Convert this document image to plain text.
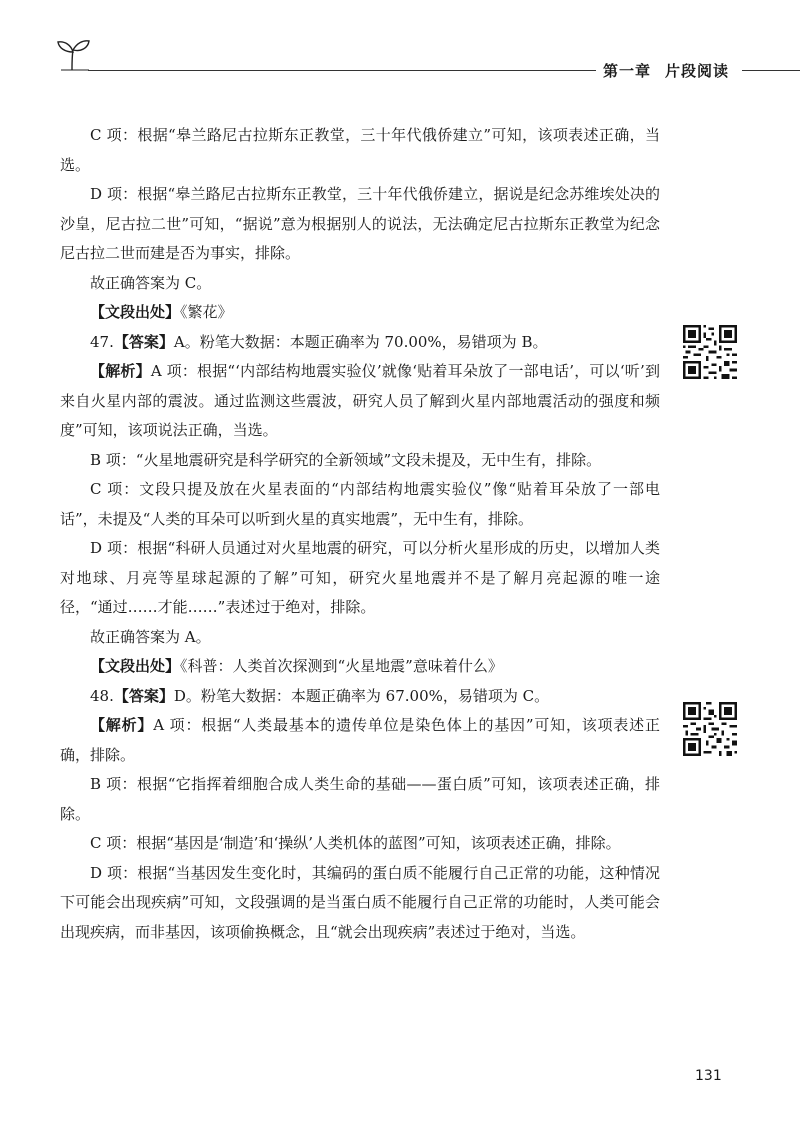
第一章 片段阅读

C 项：根据“皋兰路尼古拉斯东正教堂，三十年代俄侨建立”可知，该项表述正确，当选。

D 项：根据“皋兰路尼古拉斯东正教堂，三十年代俄侨建立，据说是纪念苏维埃处决的沙皇，尼古拉二世”可知，“据说”意为根据别人的说法，无法确定尼古拉斯东正教堂为纪念尼古拉二世而建是否为事实，排除。

故正确答案为 C。

【文段出处】《繁花》

47.【答案】A。粉笔大数据：本题正确率为 70.00%，易错项为 B。

【解析】A 项：根据“‘内部结构地震实验仪’就像‘贴着耳朵放了一部电话’，可以‘听’到来自火星内部的震波。通过监测这些震波，研究人员了解到火星内部地震活动的强度和频度”可知，该项说法正确，当选。

B 项：“火星地震研究是科学研究的全新领域”文段未提及，无中生有，排除。

C 项：文段只提及放在火星表面的“内部结构地震实验仪”像“贴着耳朵放了一部电话”，未提及“人类的耳朵可以听到火星的真实地震”，无中生有，排除。

D 项：根据“科研人员通过对火星地震的研究，可以分析火星形成的历史，以增加人类对地球、月亮等星球起源的了解”可知，研究火星地震并不是了解月亮起源的唯一途径，“通过……才能……”表述过于绝对，排除。

故正确答案为 A。

【文段出处】《科普：人类首次探测到“火星地震”意味着什么》

48.【答案】D。粉笔大数据：本题正确率为 67.00%，易错项为 C。

【解析】A 项：根据“人类最基本的遗传单位是染色体上的基因”可知，该项表述正确，排除。

B 项：根据“它指挥着细胞合成人类生命的基础——蛋白质”可知，该项表述正确，排除。

C 项：根据“基因是‘制造’和‘操纵’人类机体的蓝图”可知，该项表述正确，排除。

D 项：根据“当基因发生变化时，其编码的蛋白质不能履行自己正常的功能，这种情况下可能会出现疾病”可知，文段强调的是当蛋白质不能履行自己正常的功能时，人类可能会出现疾病，而非基因，该项偷换概念，且“就会出现疾病”表述过于绝对，当选。

131
